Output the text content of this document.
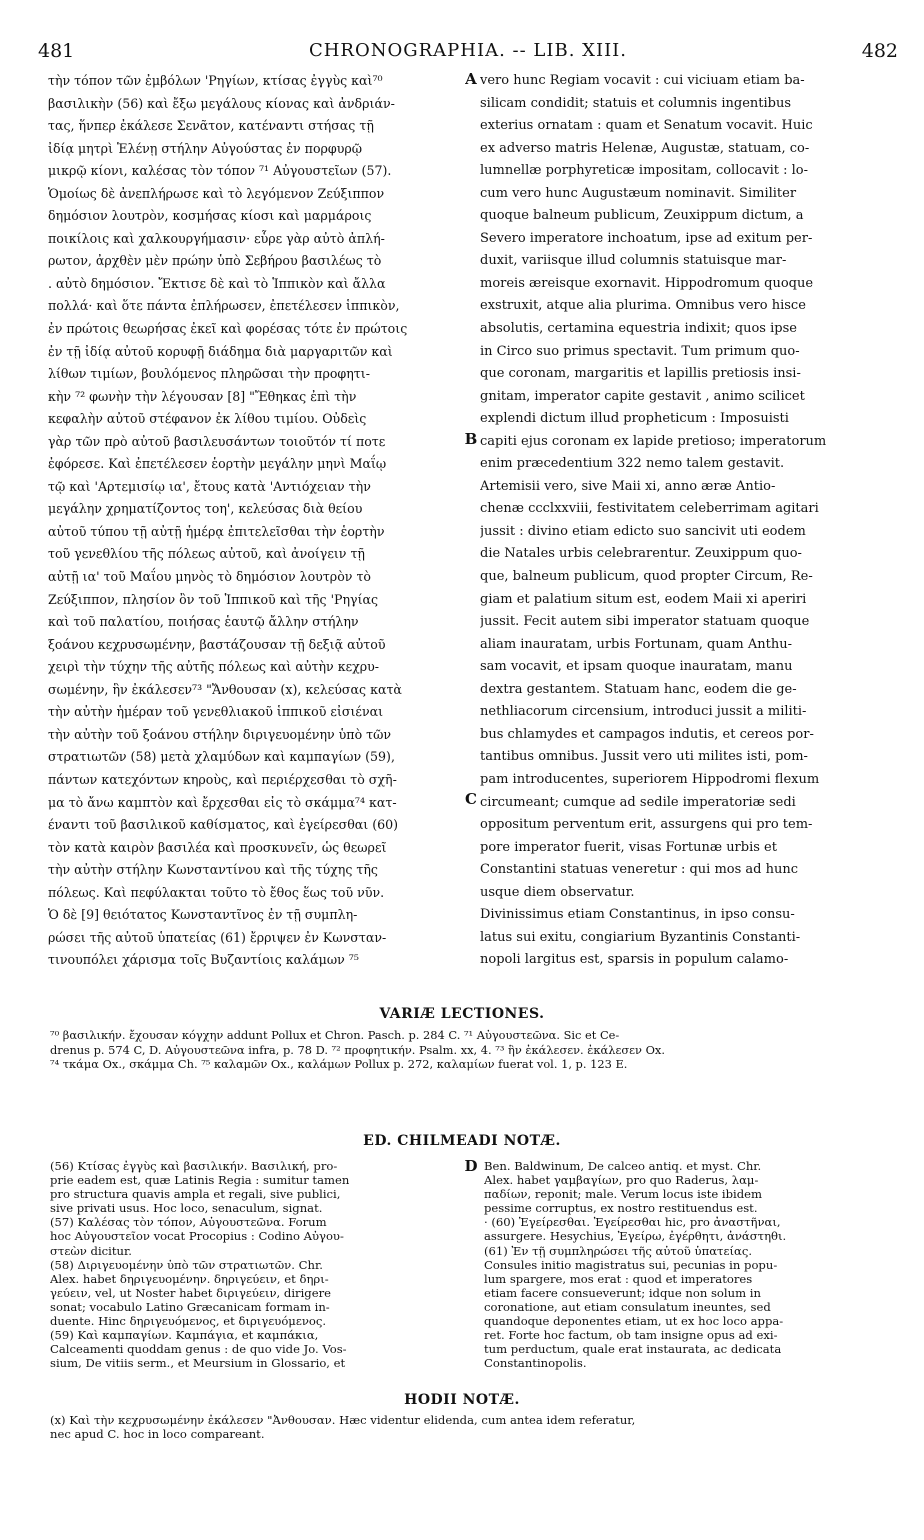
481	CHRONOGRAPHIA. -- LIB. XIII.	482
τὴν τόπον τῶν ἐμβόλων 'Ρηγίων, κτίσας ἐγγὺς καὶ⁷⁰
βασιλικὴν (56) καὶ ἔξω μεγάλους κίονας καὶ ἀνδριάν-
τας, ἥνπερ ἐκάλεσε Σενᾶτον, κατέναντι στήσας τῇ
ἰδίᾳ μητρὶ Ἑλένῃ στήλην Αὐγούστας ἐν πορφυρῷ
μικρῷ κίονι, καλέσας τὸν τόπον ⁷¹ Αὐγουστεῖων (57).
Ὁμοίως δὲ ἀνεπλήρωσε καὶ τὸ λεγόμενον Ζεύξιππον
δημόσιον λουτρὸν, κοσμήσας κίοσι καὶ μαρμάροις
ποικίλοις καὶ χαλκουργήμασιν· εὗρε γὰρ αὐτὸ ἀπλή-
ρωτον, ἀρχθὲν μὲν πρώην ὑπὸ Σεβήρου βασιλέως τὸ
. αὐτὸ δημόσιον. Ἔκτισε δὲ καὶ τὸ Ἱππικὸν καὶ ἄλλα
πολλά· καὶ ὅτε πάντα ἐπλήρωσεν, ἐπετέλεσεν ἱππικὸν,
ἐν πρώτοις θεωρήσας ἐκεῖ καὶ φορέσας τότε ἐν πρώτοις
ἐν τῇ ἰδίᾳ αὐτοῦ κορυφῇ διάδημα διὰ μαργαριτῶν καὶ
λίθων τιμίων, βουλόμενος πληρῶσαι τὴν προφητι-
κὴν ⁷² φωνὴν τὴν λέγουσαν [8] "Ἔθηκας ἐπὶ τὴν
κεφαλὴν αὐτοῦ στέφανον ἐκ λίθου τιμίου. Οὐδεὶς
γὰρ τῶν πρὸ αὐτοῦ βασιλευσάντων τοιοῦτόν τί ποτε
ἐφόρεσε. Καὶ ἐπετέλεσεν ἑορτὴν μεγάλην μηνὶ Μαΐῳ
τῷ καὶ 'Αρτεμισίῳ ια', ἔτους κατὰ 'Αντιόχειαν τὴν
μεγάλην χρηματίζοντος τοη', κελεύσας διὰ θείου
αὐτοῦ τύπου τῇ αὐτῇ ἡμέρᾳ ἐπιτελεῖσθαι τὴν ἑορτὴν
τοῦ γενεθλίου τῆς πόλεως αὐτοῦ, καὶ ἀνοίγειν τῇ
αὐτῇ ια' τοῦ Μαΐου μηνὸς τὸ δημόσιον λουτρὸν τὸ
Ζεύξιππον, πλησίον ὂν τοῦ Ἱππικοῦ καὶ τῆς 'Ρηγίας
καὶ τοῦ παλατίου, ποιήσας ἑαυτῷ ἄλλην στήλην
ξοάνου κεχρυσωμένην, βαστάζουσαν τῇ δεξιᾷ αὐτοῦ
χειρὶ τὴν τύχην τῆς αὐτῆς πόλεως καὶ αὐτὴν κεχρυ-
σωμένην, ἣν ἐκάλεσεν⁷³ "Ἄνθουσαν (x), κελεύσας κατὰ
τὴν αὐτὴν ἡμέραν τοῦ γενεθλιακοῦ ἱππικοῦ εἰσιέναι
τὴν αὐτὴν τοῦ ξοάνου στήλην διριγευομένην ὑπὸ τῶν
στρατιωτῶν (58) μετὰ χλαμύδων καὶ καμπαγίων (59),
πάντων κατεχόντων κηροὺς, καὶ περιέρχεσθαι τὸ σχῆ-
μα τὸ ἄνω καμπτὸν καὶ ἔρχεσθαι εἰς τὸ σκάμμα⁷⁴ κατ-
έναντι τοῦ βασιλικοῦ καθίσματος, καὶ ἐγείρεσθαι (60)
τὸν κατὰ καιρὸν βασιλέα καὶ προσκυνεῖν, ὡς θεωρεῖ
τὴν αὐτὴν στήλην Κωνσταντίνου καὶ τῆς τύχης τῆς
πόλεως. Καὶ πεφύλακται τοῦτο τὸ ἔθος ἕως τοῦ νῦν.
Ὁ δὲ [9] θειότατος Κωνσταντῖνος ἐν τῇ συμπλη-
ρώσει τῆς αὐτοῦ ὑπατείας (61) ἔρριψεν ἐν Κωνσταν-
τινουπόλει χάρισμα τοῖς Βυζαντίοις καλάμων ⁷⁵
vero hunc Regiam vocavit : cui viciuam etiam ba-
silicam condidit; statuis et columnis ingentibus
exterius ornatam : quam et Senatum vocavit. Huic
ex adverso matris Helenæ, Augustæ, statuam, co-
lumnellæ porphyreticæ impositam, collocavit : lo-
cum vero hunc Augustæum nominavit. Similiter
quoque balneum publicum, Zeuxippum dictum, a
Severo imperatore inchoatum, ipse ad exitum per-
duxit, variisque illud columnis statuisque mar-
moreis æreisque exornavit. Hippodromum quoque
exstruxit, atque alia plurima. Omnibus vero hisce
absolutis, certamina equestria indixit; quos ipse
in Circo suo primus spectavit. Tum primum quo-
que coronam, margaritis et lapillis pretiosis insi-
gnitam, imperator capite gestavit , animo scilicet
explendi dictum illud propheticum : Imposuisti
capiti ejus coronam ex lapide pretioso; imperatorum
enim præcedentium 322 nemo talem gestavit.
Artemisii vero, sive Maii xi, anno æræ Antio-
chenæ ccclxxviii, festivitatem celeberrimam agitari
jussit : divino etiam edicto suo sancivit uti eodem
die Natales urbis celebrarentur. Zeuxippum quo-
que, balneum publicum, quod propter Circum, Re-
giam et palatium situm est, eodem Maii xi aperiri
jussit. Fecit autem sibi imperator statuam quoque
aliam inauratam, urbis Fortunam, quam Anthu-
sam vocavit, et ipsam quoque inauratam, manu
dextra gestantem. Statuam hanc, eodem die ge-
nethliacorum circensium, introduci jussit a militi-
bus chlamydes et campagos indutis, et cereos por-
tantibus omnibus. Jussit vero uti milites isti, pom-
pam introducentes, superiorem Hippodromi flexum
circumeant; cumque ad sedile imperatoriæ sedi
oppositum perventum erit, assurgens qui pro tem-
pore imperator fuerit, visas Fortunæ urbis et
Constantini statuas veneretur : qui mos ad hunc
usque diem observatur.
Divinissimus etiam Constantinus, in ipso consu-
latus sui exitu, congiarium Byzantinis Constanti-
nopoli largitus est, sparsis in populum calamo-
A
B
C
D
VARIÆ LECTIONES.
⁷⁰ βασιλικήν. ἔχουσαν κόγχην addunt Pollux et Chron. Pasch. p. 284 C. ⁷¹ Αὐγουστεῶνα. Sic et Ce-
drenus p. 574 C, D. Αὐγουστεῶνα infra, p. 78 D. ⁷² προφητικήν. Psalm. xx, 4. ⁷³ ἣν ἐκάλεσεν. ἐκάλεσεν Ox.
⁷⁴ τκάμα Ox., σκάμμα Ch. ⁷⁵ καλαμῶν Ox., καλάμων Pollux p. 272, καλαμίων fuerat vol. 1, p. 123 E.
ED. CHILMEADI NOTÆ.
(56) Κτίσας ἐγγὺς καὶ βασιλικήν. Βασιλική, pro-
prie eadem est, quæ Latinis Regia : sumitur tamen
pro structura quavis ampla et regali, sive publici,
sive privati usus. Hoc loco, senaculum, signat.
(57) Καλέσας τὸν τόπον, Αὐγουστεῶνα. Forum
hoc Αὐγουστεῖον vocat Procopius : Codino Αὐγου-
στεὼν dicitur.
(58) Διριγευομένην ὑπὸ τῶν στρατιωτῶν. Chr.
Alex. habet δηριγευομένην. δηριγεύειν, et δηρι-
γεύειν, vel, ut Noster habet διριγεύειν, dirigere
sonat; vocabulo Latino Græcanicam formam in-
duente. Hinc δηριγευόμενος, et διριγευόμενος.
(59) Καὶ καμπαγίων. Καμπάγια, et καμπάκια,
Calceamenti quoddam genus : de quo vide Jo. Vos-
sium, De vitiis serm., et Meursium in Glossario, et
Ben. Baldwinum, De calceo antiq. et myst. Chr.
Alex. habet γαμβαγίων, pro quo Raderus, λαμ-
παδίων, reponit; male. Verum locus iste ibidem
pessime corruptus, ex nostro restituendus est.
· (60) Ἐγείρεσθαι. Ἐγείρεσθαι hic, pro ἀναστῆναι,
assurgere. Hesychius, Ἐγείρω, ἐγέρθητι, ἀνάστηθι.
(61) Ἐν τῇ συμπληρώσει τῆς αὐτοῦ ὑπατείας.
Consules initio magistratus sui, pecunias in popu-
lum spargere, mos erat : quod et imperatores
etiam facere consueverunt; idque non solum in
coronatione, aut etiam consulatum ineuntes, sed
quandoque deponentes etiam, ut ex hoc loco appa-
ret. Forte hoc factum, ob tam insigne opus ad exi-
tum perductum, quale erat instaurata, ac dedicata
Constantinopolis.
HODII NOTÆ.
(x) Καὶ τὴν κεχρυσωμένην ἐκάλεσεν "Ἀνθουσαν. Hæc videntur elidenda, cum antea idem referatur,
nec apud C. hoc in loco compareant.
